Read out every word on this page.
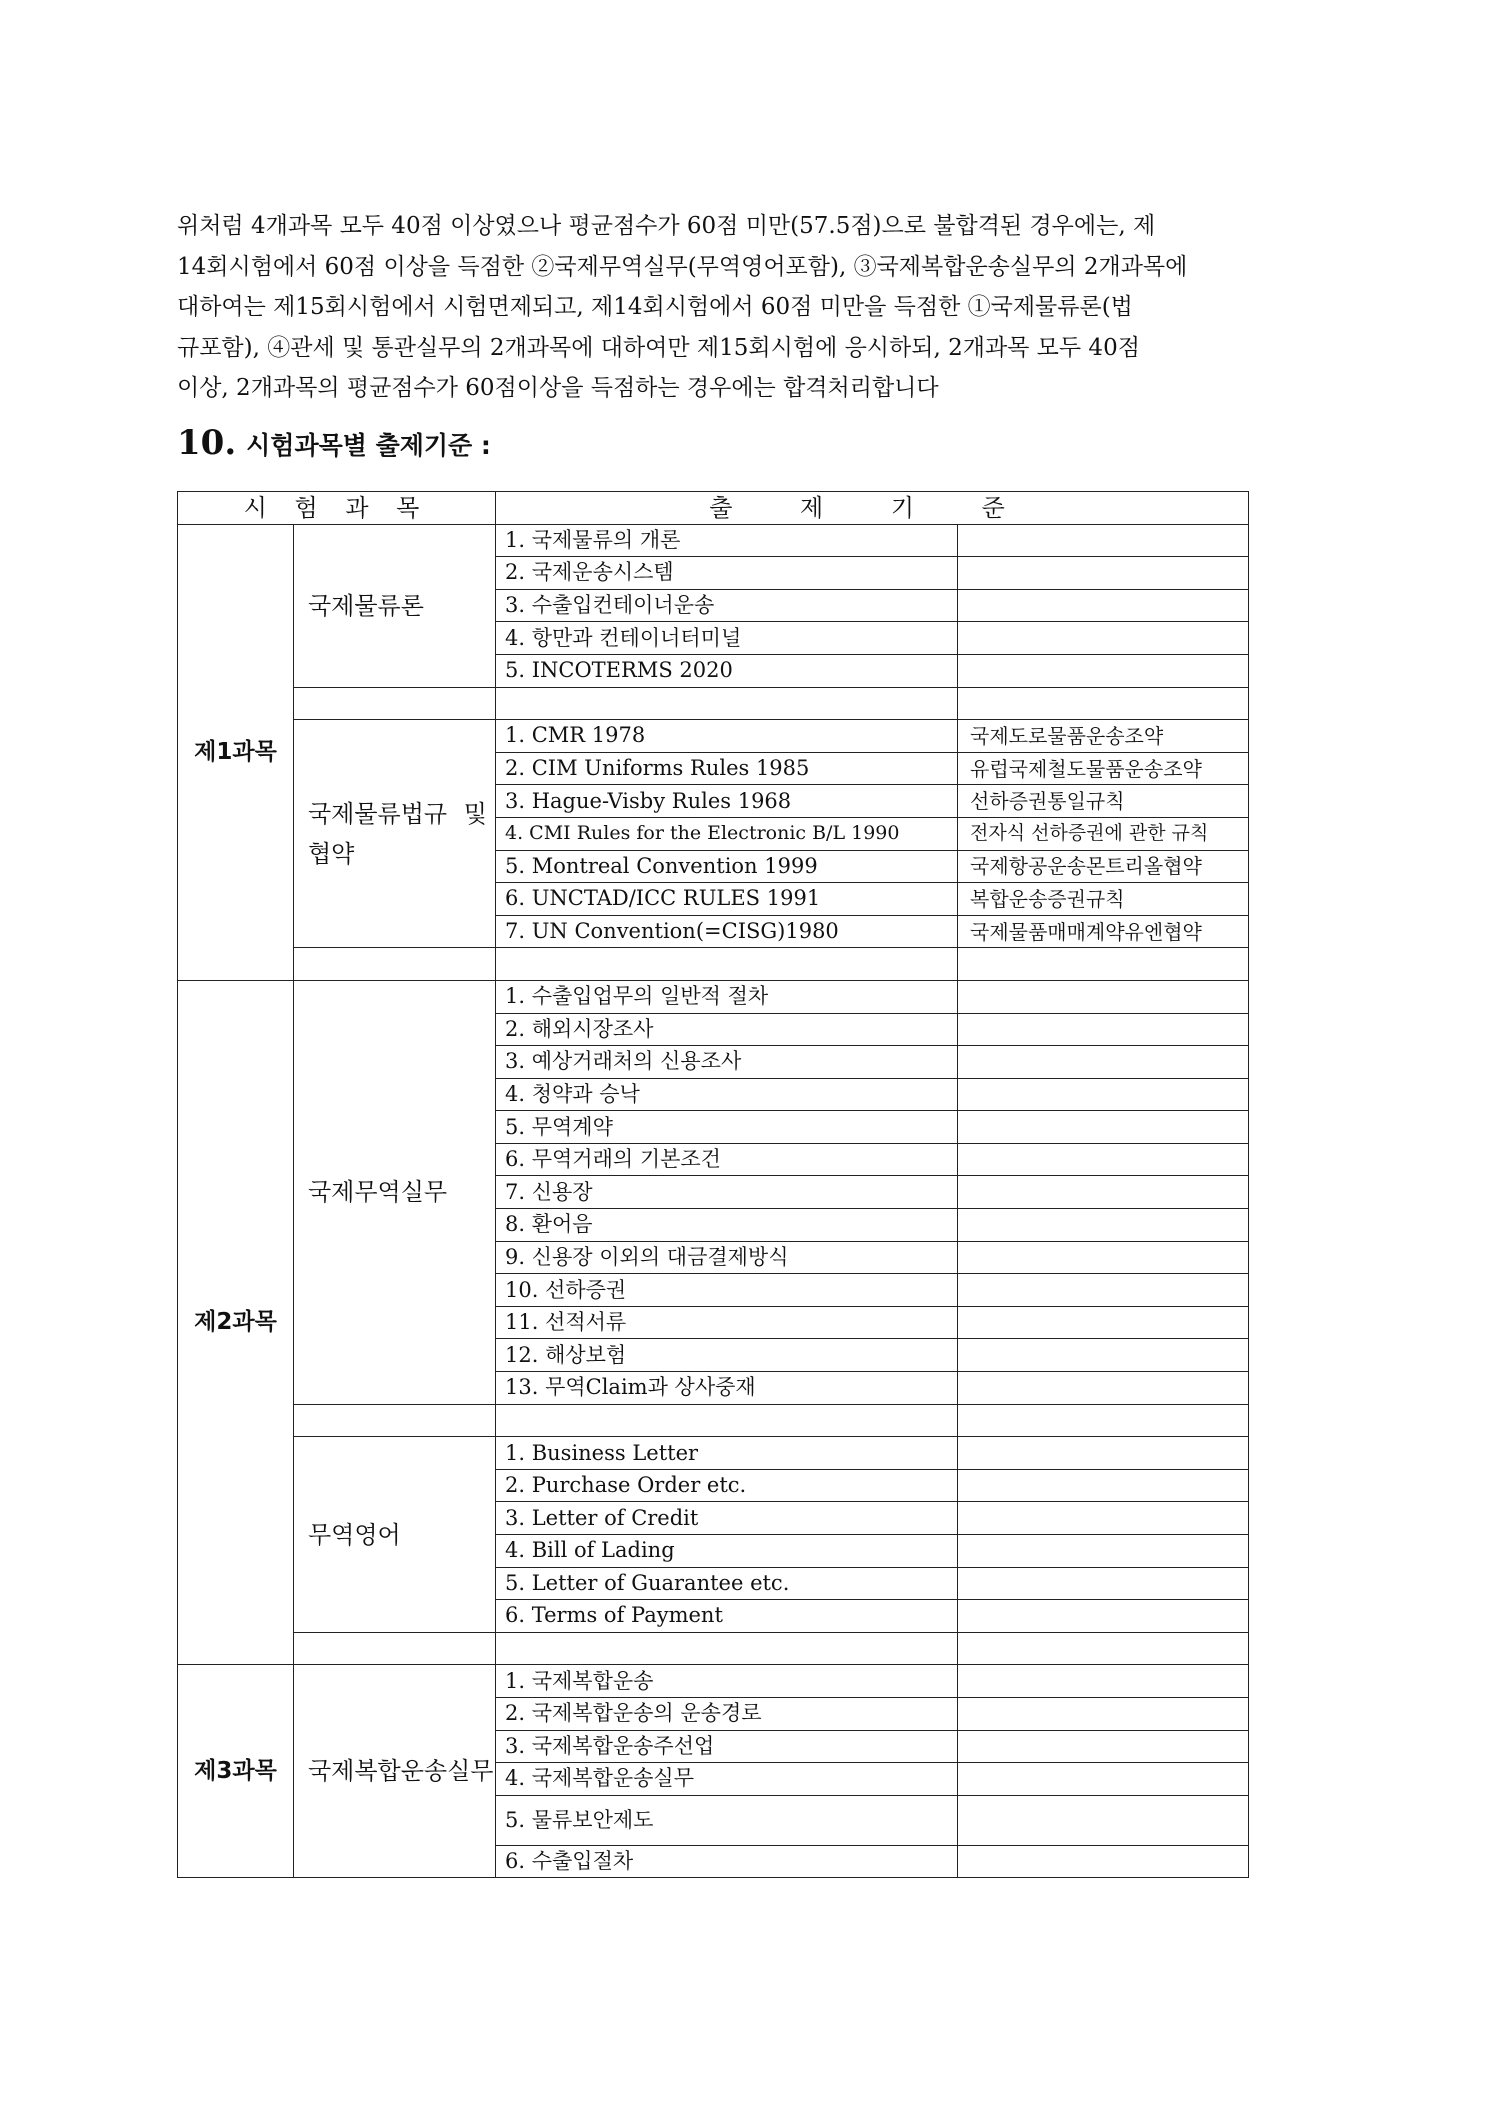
위처럼 4개과목 모두 40점 이상였으나 평균점수가 60점 미만(57.5점)으로 불합격된 경우에는, 제
14회시험에서 60점 이상을 득점한 ②국제무역실무(무역영어포함), ③국제복합운송실무의 2개과목에
대하여는 제15회시험에서 시험면제되고, 제14회시험에서 60점 미만을 득점한 ①국제물류론(법
규포함), ④관세 및 통관실무의 2개과목에 대하여만 제15회시험에 응시하되, 2개과목 모두 40점
이상, 2개과목의 평균점수가 60점이상을 득점하는 경우에는 합격처리합니다
10. 시험과목별 출제기준 :
시 험 과 목		출 제 기 준	
제1과목	국제물류론	1. 국제물류의 개론	
		2. 국제운송시스템	
		3. 수출입컨테이너운송	
		4. 항만과 컨테이너터미널	
		5. INCOTERMS 2020	

	국제물류법규 및 협약	1. CMR 1978	국제도로물품운송조약
		2. CIM Uniforms Rules 1985	유럽국제철도물품운송조약
		3. Hague-Visby Rules 1968	선하증권통일규칙
		4. CMI Rules for the Electronic B/L 1990	전자식 선하증권에 관한 규칙
		5. Montreal Convention 1999	국제항공운송몬트리올협약
		6. UNCTAD/ICC RULES 1991	복합운송증권규칙
		7. UN Convention(=CISG)1980	국제물품매매계약유엔협약

제2과목	국제무역실무	1. 수출입업무의 일반적 절차	
		2. 해외시장조사	
		3. 예상거래처의 신용조사	
		4. 청약과 승낙	
		5. 무역계약	
		6. 무역거래의 기본조건	
		7. 신용장	
		8. 환어음	
		9. 신용장 이외의 대금결제방식	
		10. 선하증권	
		11. 선적서류	
		12. 해상보험	
		13. 무역Claim과 상사중재	

	무역영어	1. Business Letter	
		2. Purchase Order etc.	
		3. Letter of Credit	
		4. Bill of Lading	
		5. Letter of Guarantee etc.	
		6. Terms of Payment	

제3과목	국제복합운송실무	1. 국제복합운송	
		2. 국제복합운송의 운송경로	
		3. 국제복합운송주선업	
		4. 국제복합운송실무	
		5. 물류보안제도	
		6. 수출입절차	
